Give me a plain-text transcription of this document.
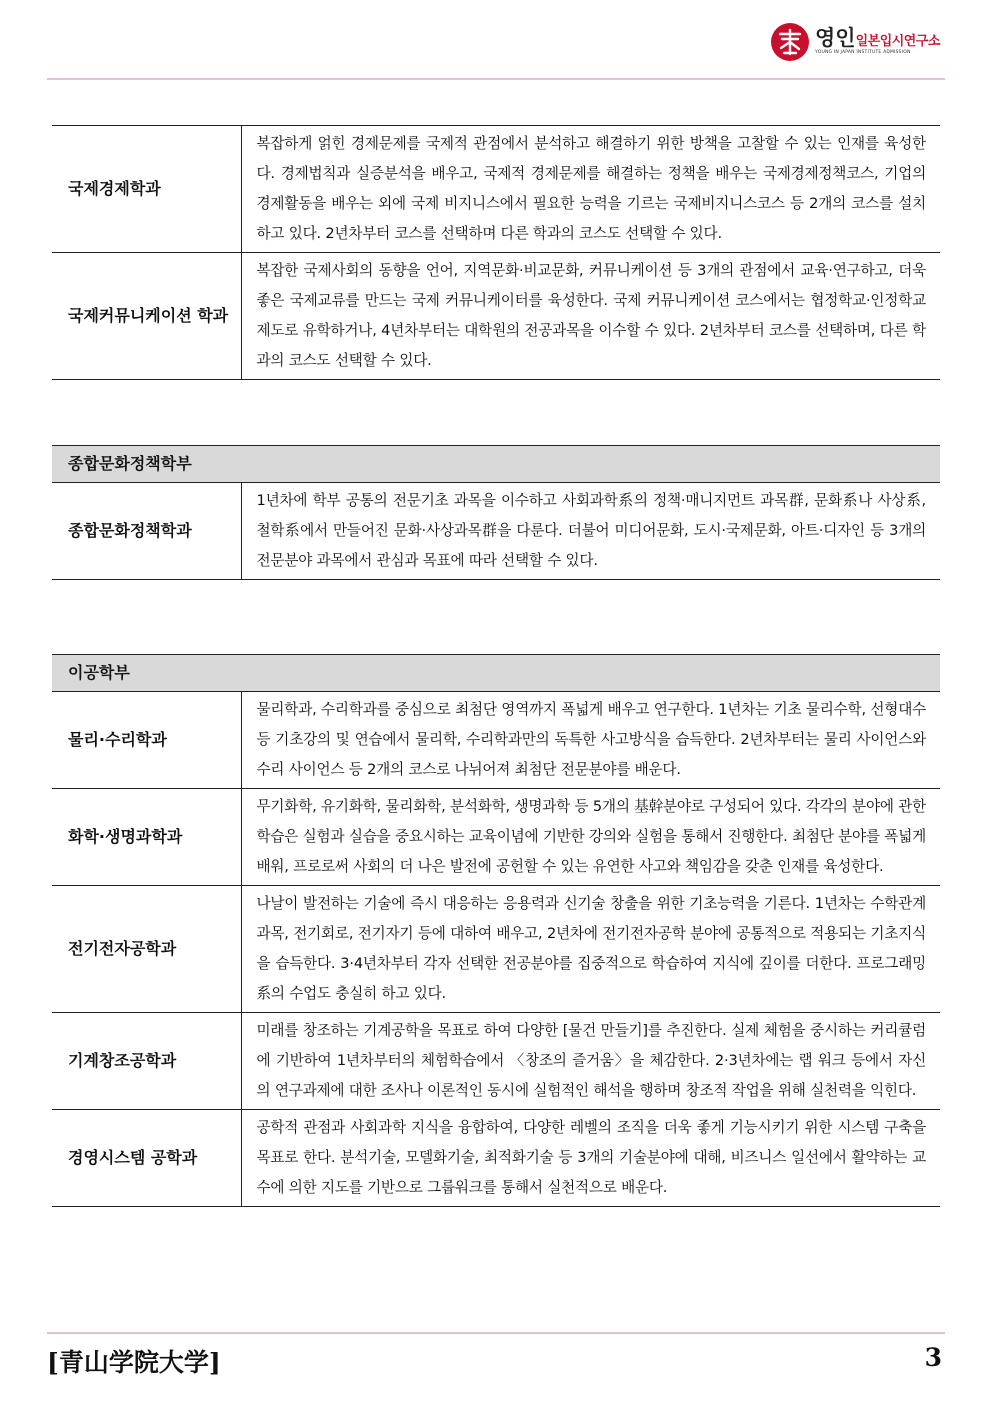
영인일본입시연구소
YOUNG IN JAPAN INSTITUTE ADMISSION
국제경제학과	복잡하게 얽힌 경제문제를 국제적 관점에서 분석하고 해결하기 위한 방책을 고찰할 수 있는 인재를 육성한다. 경제법칙과 실증분석을 배우고, 국제적 경제문제를 해결하는 정책을 배우는 국제경제정책코스, 기업의 경제활동을 배우는 외에 국제 비지니스에서 필요한 능력을 기르는 국제비지니스코스 등 2개의 코스를 설치하고 있다. 2년차부터 코스를 선택하며 다른 학과의 코스도 선택할 수 있다.
국제커뮤니케이션 학과	복잡한 국제사회의 동향을 언어, 지역문화·비교문화, 커뮤니케이션 등 3개의 관점에서 교육·연구하고, 더욱 좋은 국제교류를 만드는 국제 커뮤니케이터를 육성한다. 국제 커뮤니케이션 코스에서는 협정학교·인정학교 제도로 유학하거나, 4년차부터는 대학원의 전공과목을 이수할 수 있다. 2년차부터 코스를 선택하며, 다른 학과의 코스도 선택할 수 있다.
종합문화정책학부
종합문화정책학과	1년차에 학부 공통의 전문기초 과목을 이수하고 사회과학系의 정책·매니지먼트 과목群, 문화系나 사상系, 철학系에서 만들어진 문화·사상과목群을 다룬다. 더불어 미디어문화, 도시·국제문화, 아트·디자인 등 3개의 전문분야 과목에서 관심과 목표에 따라 선택할 수 있다.
이공학부	
물리·수리학과	물리학과, 수리학과를 중심으로 최첨단 영역까지 폭넓게 배우고 연구한다. 1년차는 기초 물리수학, 선형대수 등 기초강의 및 연습에서 물리학, 수리학과만의 독특한 사고방식을 습득한다. 2년차부터는 물리 사이언스와 수리 사이언스 등 2개의 코스로 나뉘어져 최첨단 전문분야를 배운다.
화학·생명과학과	무기화학, 유기화학, 물리화학, 분석화학, 생명과학 등 5개의 基幹분야로 구성되어 있다. 각각의 분야에 관한 학습은 실험과 실습을 중요시하는 교육이념에 기반한 강의와 실험을 통해서 진행한다. 최첨단 분야를 폭넓게 배워, 프로로써 사회의 더 나은 발전에 공헌할 수 있는 유연한 사고와 책임감을 갖춘 인재를 육성한다.
전기전자공학과	나날이 발전하는 기술에 즉시 대응하는 응용력과 신기술 창출을 위한 기초능력을 기른다. 1년차는 수학관계 과목, 전기회로, 전기자기 등에 대하여 배우고, 2년차에 전기전자공학 분야에 공통적으로 적용되는 기초지식을 습득한다. 3·4년차부터 각자 선택한 전공분야를 집중적으로 학습하여 지식에 깊이를 더한다. 프로그래밍系의 수업도 충실히 하고 있다.
기계창조공학과	미래를 창조하는 기계공학을 목표로 하여 다양한 [물건 만들기]를 추진한다. 실제 체험을 중시하는 커리큘럼에 기반하여 1년차부터의 체험학습에서 〈창조의 즐거움〉을 체감한다. 2·3년차에는 랩 워크 등에서 자신의 연구과제에 대한 조사나 이론적인 동시에 실험적인 해석을 행하며 창조적 작업을 위해 실천력을 익힌다.
경영시스템 공학과	공학적 관점과 사회과학 지식을 융합하여, 다양한 레벨의 조직을 더욱 좋게 기능시키기 위한 시스템 구축을 목표로 한다. 분석기술, 모델화기술, 최적화기술 등 3개의 기술분야에 대해, 비즈니스 일선에서 활약하는 교수에 의한 지도를 기반으로 그룹워크를 통해서 실천적으로 배운다.
[青山学院大学]	3
